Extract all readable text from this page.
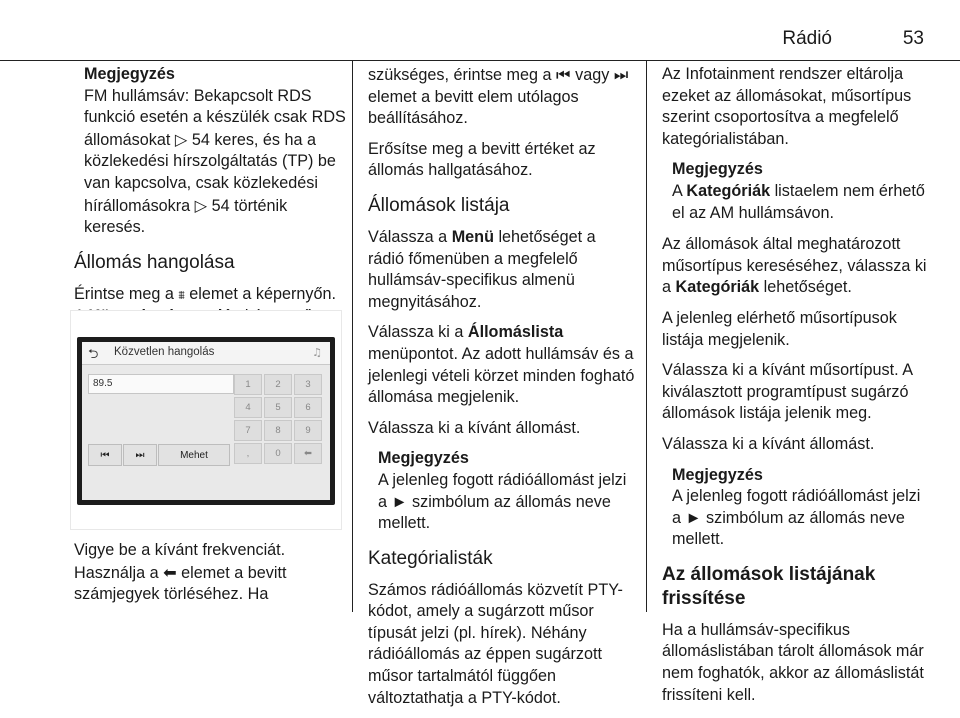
Rádió	53
Megjegyzés
FM hullámsáv: Bekapcsolt RDS funkció esetén a készülék csak RDS állomásokat ▷ 54 keres, és ha a közlekedési hírszolgáltatás (TP) be van kapcsolva, csak közlekedési hírállomásokra ▷ 54 történik keresés.
Állomás hangolása

Érintse meg a ⩩ elemet a képernyőn.

⮌ Közvetlen hangolás	♫
89.5	1	2	3
4	5	6
7	8	9
,	0	⬅
⏮	⏭	Mehet

Vigye be a kívánt frekvenciát. Használja a ⬅ elemet a bevitt számjegyek törléséhez. Ha

szükséges, érintse meg a ⏮ vagy ⏭ elemet a bevitt elem utólagos beállításához.

Erősítse meg a bevitt értéket az állomás hallgatásához.

Állomások listája

Válassza a Menü lehetőséget a rádió főmenüben a megfelelő hullámsáv-specifikus almenü megnyitásához.

Válassza ki a Állomáslista menüpontot. Az adott hullámsáv és a jelenlegi vételi körzet minden fogható állomása megjelenik.

Válassza ki a kívánt állomást.

Megjegyzés
A jelenleg fogott rádióállomást jelzi a ► szimbólum az állomás neve mellett.
Kategórialisták

Számos rádióállomás közvetít PTY-kódot, amely a sugárzott műsor típusát jelzi (pl. hírek). Néhány rádióállomás az éppen sugárzott műsor tartalmától függően változtathatja a PTY-kódot.

Az Infotainment rendszer eltárolja ezeket az állomásokat, műsortípus szerint csoportosítva a megfelelő kategórialistában.

Megjegyzés
A Kategóriák listaelem nem érhető el az AM hullámsávon.

Az állomások által meghatározott műsortípus kereséséhez, válassza ki a Kategóriák lehetőséget.

A jelenleg elérhető műsortípusok listája megjelenik.

Válassza ki a kívánt műsortípust. A kiválasztott programtípust sugárzó állomások listája jelenik meg.

Válassza ki a kívánt állomást.

Megjegyzés
A jelenleg fogott rádióállomást jelzi a ► szimbólum az állomás neve mellett.
Az állomások listájának frissítése

Ha a hullámsáv-specifikus állomáslistában tárolt állomások már nem foghatók, akkor az állomáslistát frissíteni kell.
